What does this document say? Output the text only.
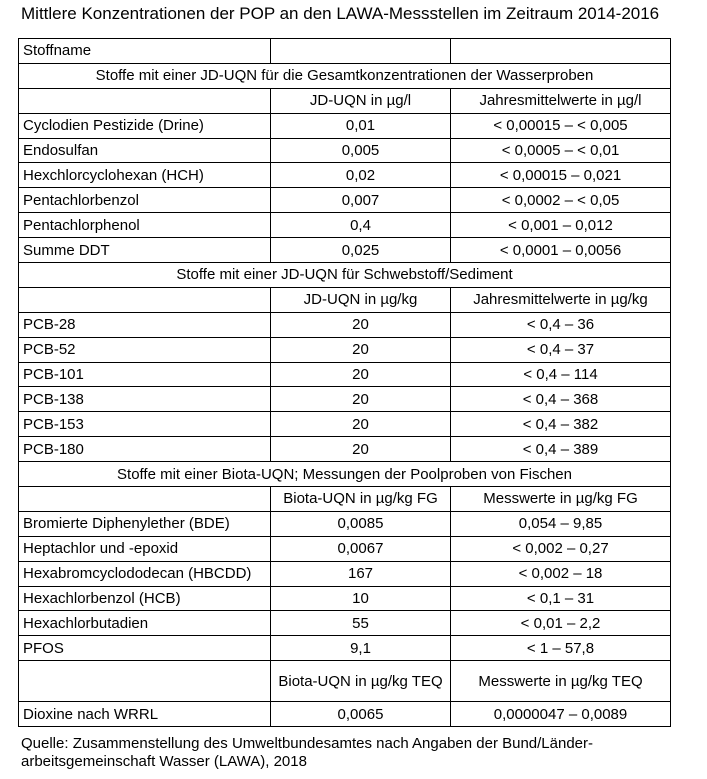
Mittlere Konzentrationen der POP an den LAWA-Messstellen im Zeitraum 2014-2016
Stoffname		
Stoffe mit einer JD-UQN für die Gesamtkonzentrationen der Wasserproben		
	JD-UQN in µg/l	Jahresmittelwerte in µg/l
Cyclodien Pestizide (Drine)	0,01	< 0,00015 – < 0,005
Endosulfan	0,005	< 0,0005 – < 0,01
Hexchlorcyclohexan (HCH)	0,02	< 0,00015 – 0,021
Pentachlorbenzol	0,007	< 0,0002 – < 0,05
Pentachlorphenol	0,4	< 0,001 – 0,012
Summe DDT	0,025	< 0,0001 – 0,0056
Stoffe mit einer JD-UQN für Schwebstoff/Sediment		
	JD-UQN in µg/kg	Jahresmittelwerte in µg/kg
PCB-28	20	< 0,4 – 36
PCB-52	20	< 0,4 – 37
PCB-101	20	< 0,4 – 114
PCB-138	20	< 0,4 – 368
PCB-153	20	< 0,4 – 382
PCB-180	20	< 0,4 – 389
Stoffe mit einer Biota-UQN; Messungen der Poolproben von Fischen		
	Biota-UQN in µg/kg FG	Messwerte in µg/kg FG
Bromierte Diphenylether (BDE)	0,0085	0,054 – 9,85
Heptachlor und -epoxid	0,0067	< 0,002 – 0,27
Hexabromcyclododecan (HBCDD)	167	< 0,002 – 18
Hexachlorbenzol (HCB)	10	< 0,1 – 31
Hexachlorbutadien	55	< 0,01 – 2,2
PFOS	9,1	< 1 – 57,8
	Biota-UQN in µg/kg TEQ	Messwerte in µg/kg TEQ
Dioxine nach WRRL	0,0065	0,0000047 – 0,0089
Quelle: Zusammenstellung des Umweltbundesamtes nach Angaben der Bund/Länder-arbeitsgemeinschaft Wasser (LAWA), 2018
